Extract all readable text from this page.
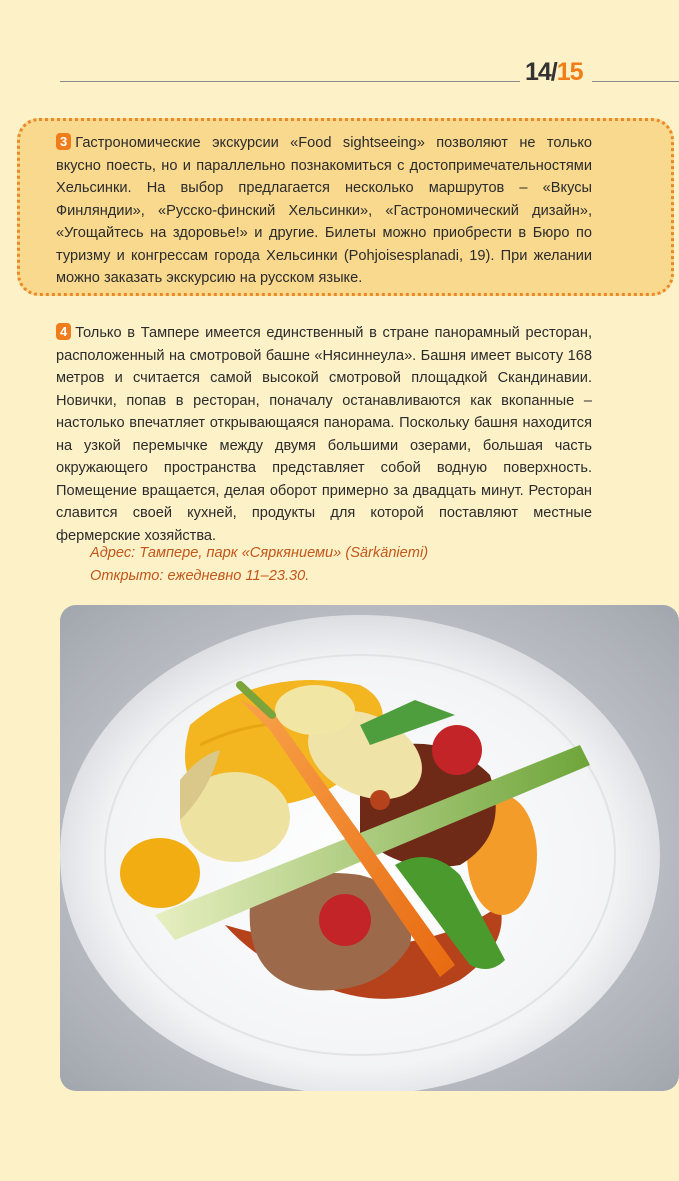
14/15
3 Гастрономические экскурсии «Food sightseeing» позволяют не только вкусно поесть, но и параллельно познакомиться с достопримечательностями Хельсинки. На выбор предлагается несколько маршрутов – «Вкусы Финляндии», «Русско-финский Хельсинки», «Гастрономический дизайн», «Угощайтесь на здоровье!» и другие. Билеты можно приобрести в Бюро по туризму и конгрессам города Хельсинки (Pohjoisesplanadi, 19). При желании можно заказать экскурсию на русском языке.
4 Только в Тампере имеется единственный в стране панорамный ресторан, расположенный на смотровой башне «Нясиннеула». Башня имеет высоту 168 метров и считается самой высокой смотровой площадкой Скандинавии. Новички, попав в ресторан, поначалу останавливаются как вкопанные – настолько впечатляет открывающаяся панорама. Поскольку башня находится на узкой перемычке между двумя большими озерами, большая часть окружающего пространства представляет собой водную поверхность. Помещение вращается, делая оборот примерно за двадцать минут. Ресторан славится своей кухней, продукты для которой поставляют местные фермерские хозяйства.
Адрес: Тампере, парк «Сяркяниеми» (Särkäniemi)
Открыто: ежедневно 11–23.30.
